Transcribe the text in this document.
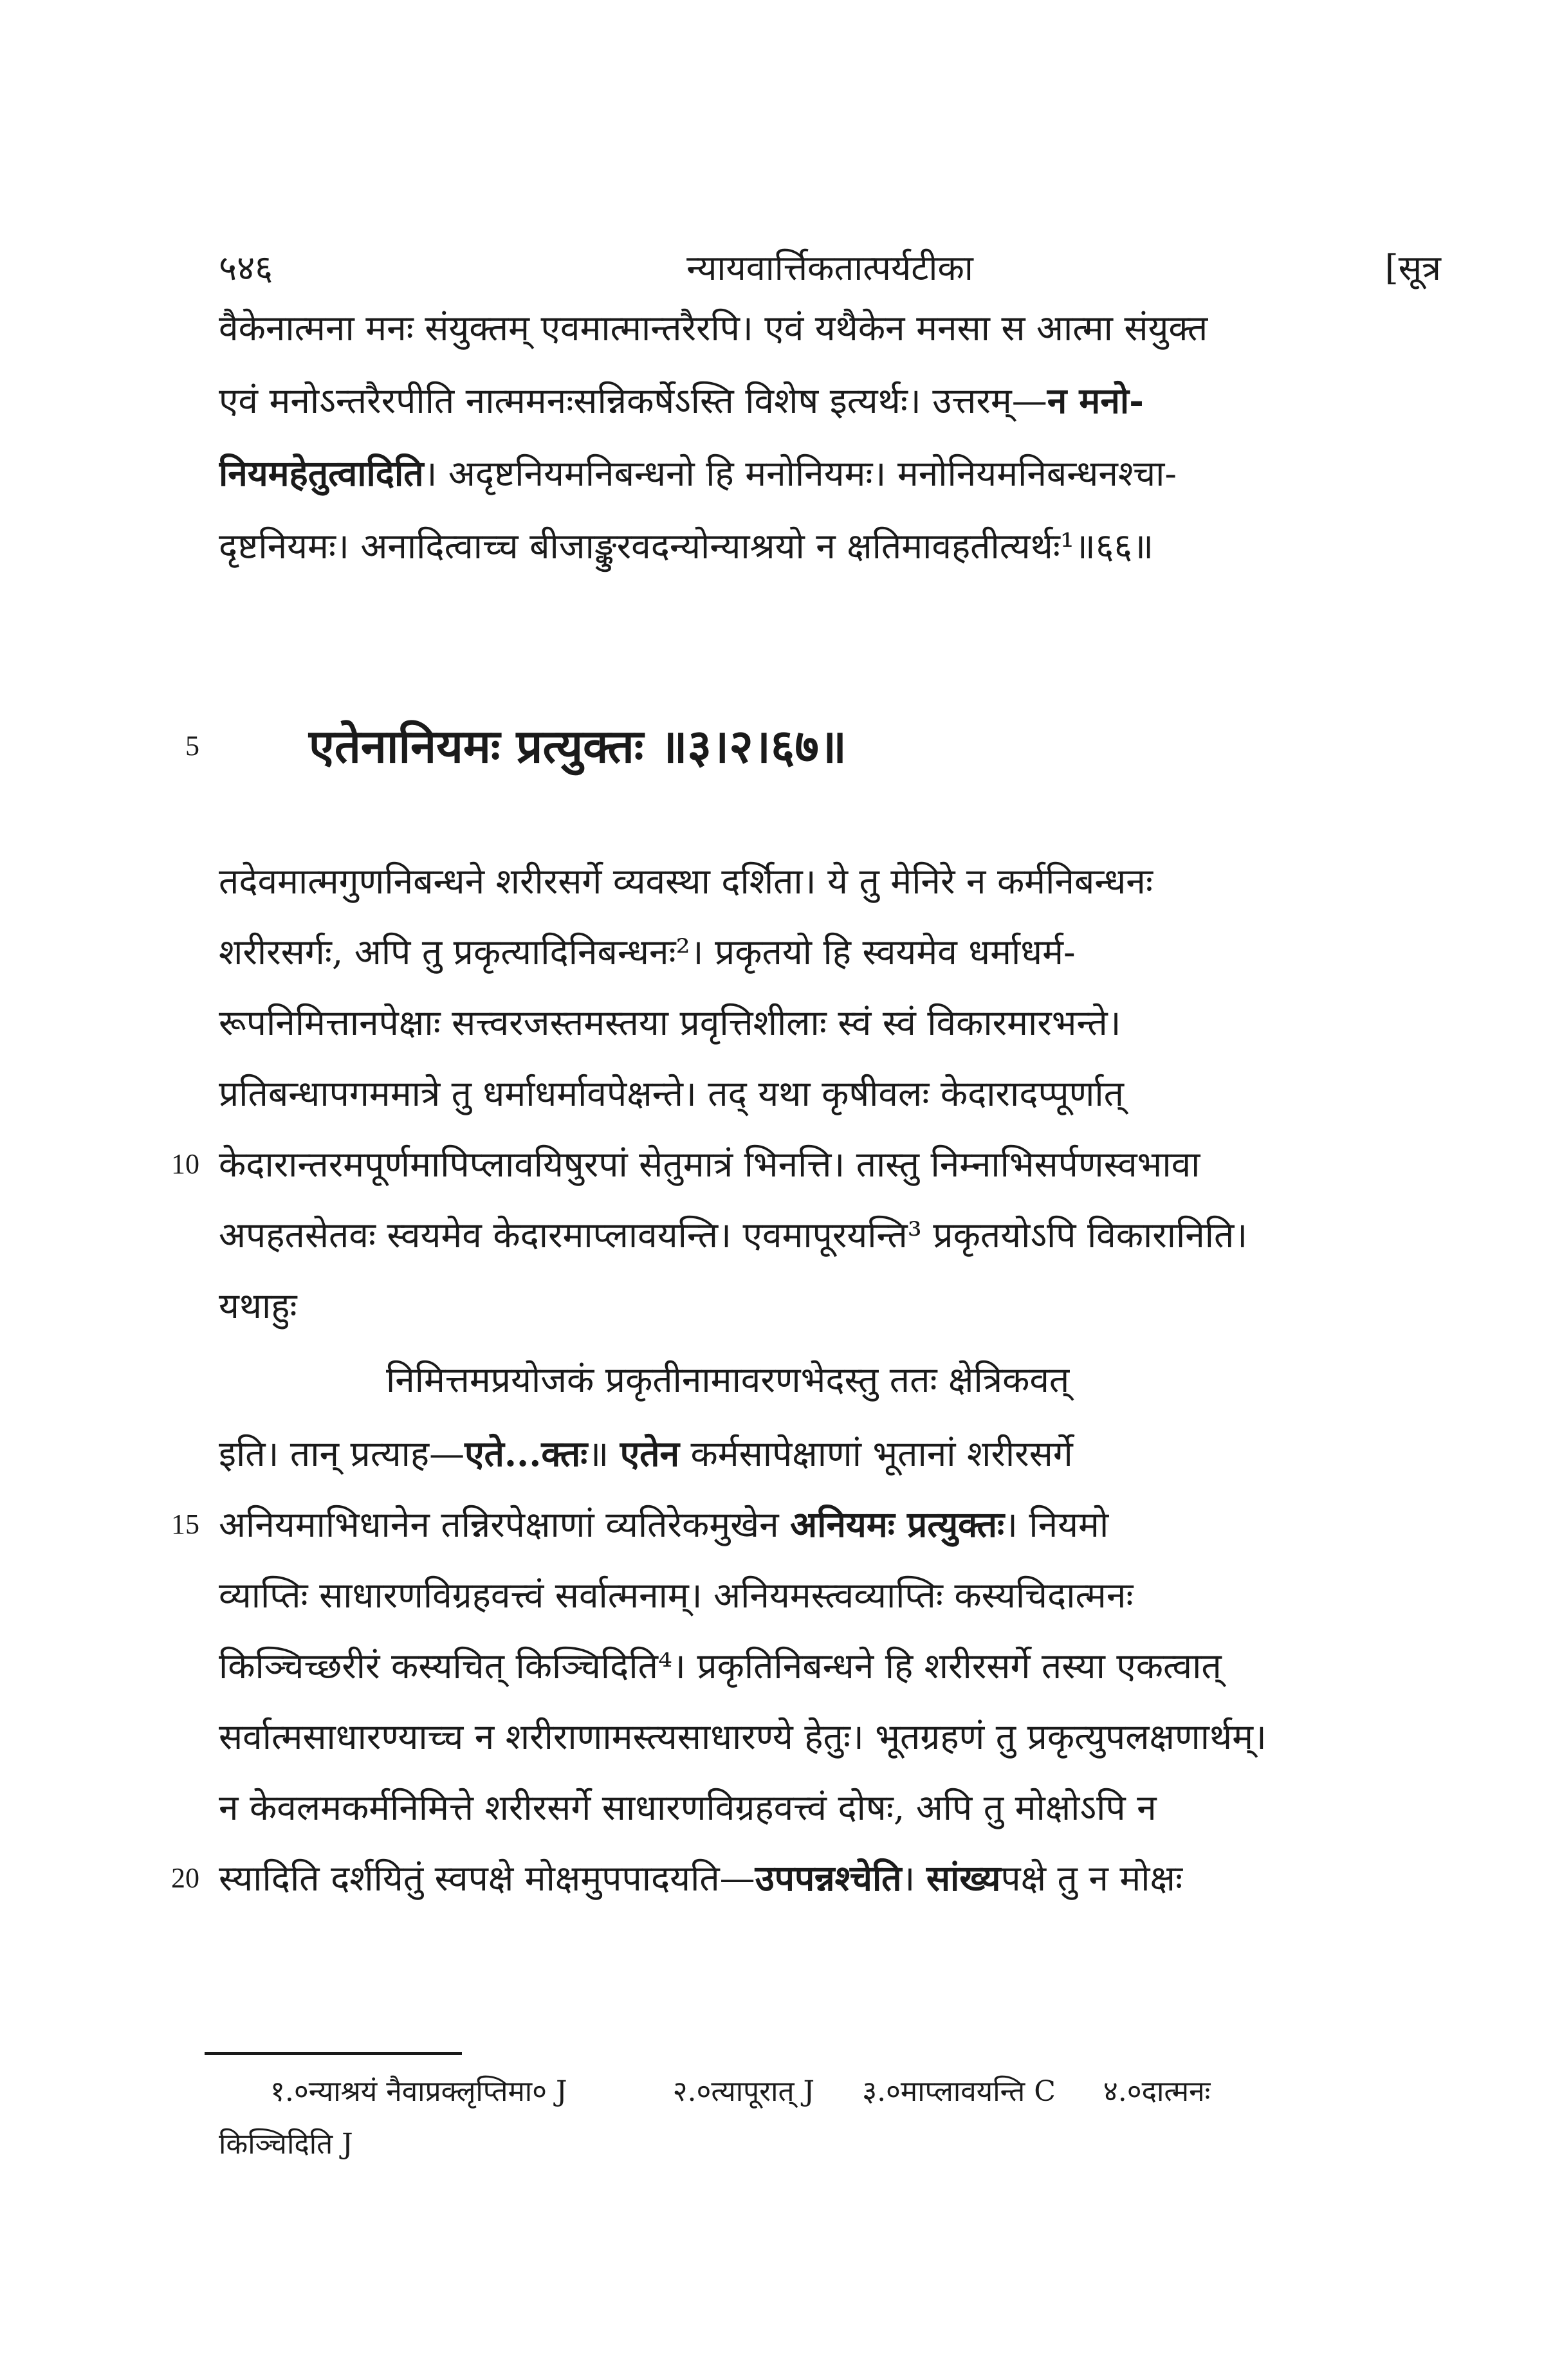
५४६	न्यायवार्त्तिकतात्पर्यटीका	[सूत्र
वैकेनात्मना मनः संयुक्तम् एवमात्मान्तरैरपि। एवं यथैकेन मनसा स आत्मा संयुक्त
एवं मनोऽन्तरैरपीति नात्ममनःसन्निकर्षेऽस्ति विशेष इत्यर्थः। उत्तरम्—न मनो-
नियमहेतुत्वादिति। अदृष्टनियमनिबन्धनो हि मनोनियमः। मनोनियमनिबन्धनश्चा-
दृष्टनियमः। अनादित्वाच्च बीजाङ्कुरवदन्योन्याश्रयो न क्षतिमावहतीत्यर्थः¹॥६६॥
5 एतेनानियमः प्रत्युक्तः ॥३।२।६७॥
तदेवमात्मगुणनिबन्धने शरीरसर्गे व्यवस्था दर्शिता। ये तु मेनिरे न कर्मनिबन्धनः
शरीरसर्गः, अपि तु प्रकृत्यादिनिबन्धनः²। प्रकृतयो हि स्वयमेव धर्माधर्म-
रूपनिमित्तानपेक्षाः सत्त्वरजस्तमस्तया प्रवृत्तिशीलाः स्वं स्वं विकारमारभन्ते।
प्रतिबन्धापगममात्रे तु धर्माधर्मावपेक्षन्ते। तद् यथा कृषीवलः केदारादप्पूर्णात्
केदारान्तरमपूर्णमापिप्लावयिषुरपां सेतुमात्रं भिनत्ति। तास्तु निम्नाभिसर्पणस्वभावा
10
अपहतसेतवः स्वयमेव केदारमाप्लावयन्ति। एवमापूरयन्ति³ प्रकृतयोऽपि विकारानिति।
यथाहुः
निमित्तमप्रयोजकं प्रकृतीनामावरणभेदस्तु ततः क्षेत्रिकवत्
इति। तान् प्रत्याह—एते...क्तः॥ एतेन कर्मसापेक्षाणां भूतानां शरीरसर्गे
अनियमाभिधानेन तन्निरपेक्षाणां व्यतिरेकमुखेन अनियमः प्रत्युक्तः। नियमो
15
व्याप्तिः साधारणविग्रहवत्त्वं सर्वात्मनाम्। अनियमस्त्वव्याप्तिः कस्यचिदात्मनः
किञ्चिच्छरीरं कस्यचित् किञ्चिदिति⁴। प्रकृतिनिबन्धने हि शरीरसर्गे तस्या एकत्वात्
सर्वात्मसाधारण्याच्च न शरीराणामस्त्यसाधारण्ये हेतुः। भूतग्रहणं तु प्रकृत्युपलक्षणार्थम्।
न केवलमकर्मनिमित्ते शरीरसर्गे साधारणविग्रहवत्त्वं दोषः, अपि तु मोक्षोऽपि न
स्यादिति दर्शयितुं स्वपक्षे मोक्षमुपपादयति—उपपन्नश्चेति। सांख्यपक्षे तु न मोक्षः
20
१.०न्याश्रयं नैवाप्रक्लृप्तिमा० J	२.०त्यापूरात् J ३.०माप्लावयन्ति C ४.०दात्मनः
किञ्चिदिति J
